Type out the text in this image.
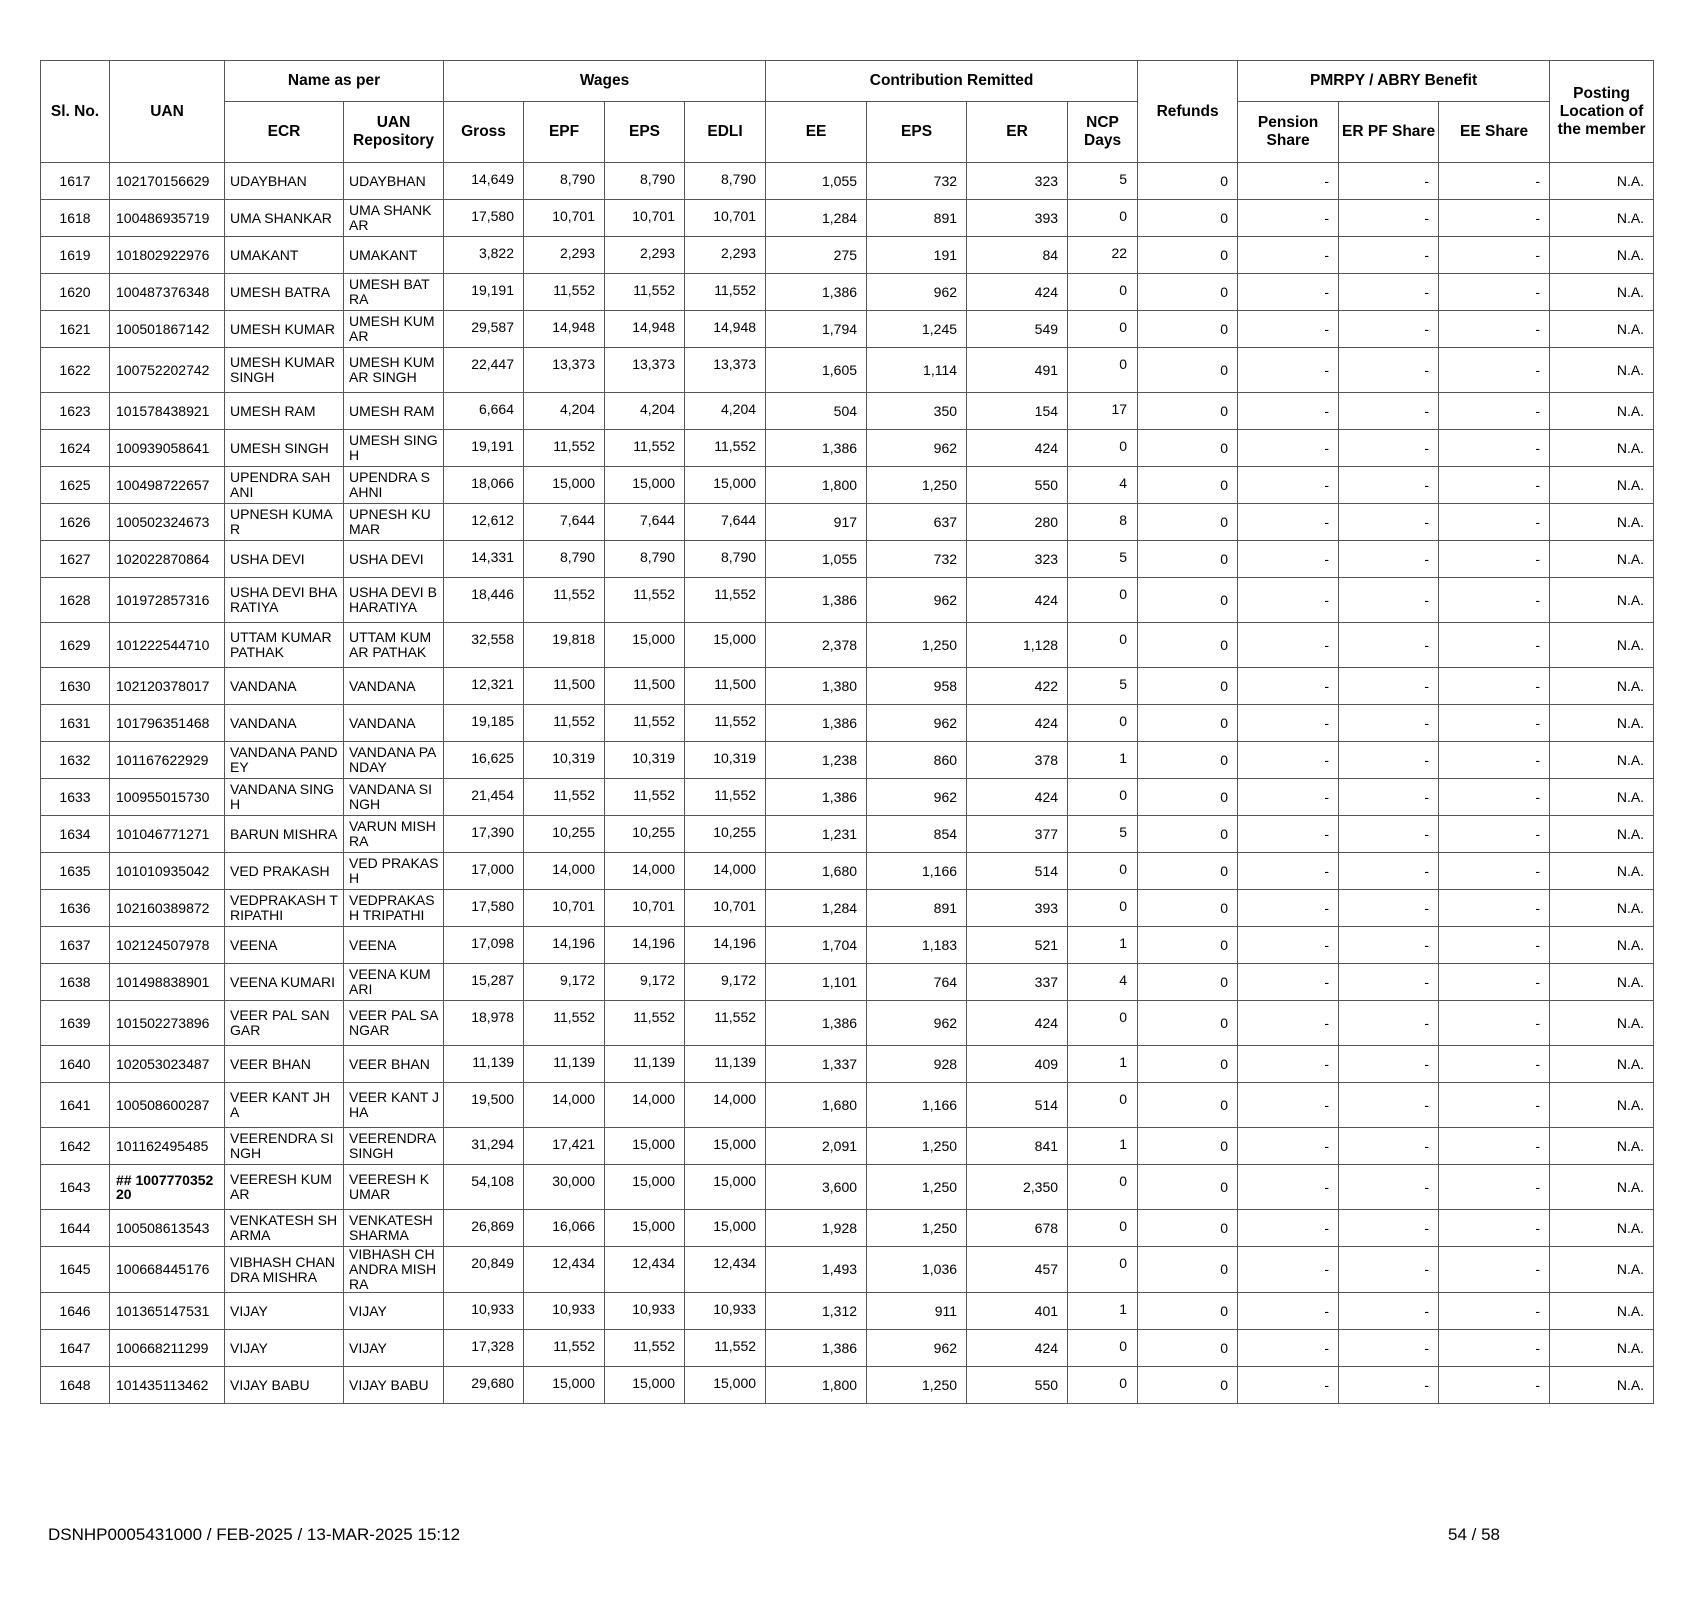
Sl. No.	UAN	Name as per		Wages				Contribution Remitted				Refunds	PMRPY / ABRY Benefit			Posting Location of the member
		ECR	UAN Repository	Gross	EPF	EPS	EDLI	EE	EPS	ER	NCP Days		Pension Share	ER PF Share	EE Share	
1617	102170156629	UDAYBHAN	UDAYBHAN	14,649	8,790	8,790	8,790	1,055	732	323	5	0	-	-	-	N.A.
1618	100486935719	UMA SHANKAR	UMA SHANKAR	17,580	10,701	10,701	10,701	1,284	891	393	0	0	-	-	-	N.A.
1619	101802922976	UMAKANT	UMAKANT	3,822	2,293	2,293	2,293	275	191	84	22	0	-	-	-	N.A.
1620	100487376348	UMESH BATRA	UMESH BATRA	19,191	11,552	11,552	11,552	1,386	962	424	0	0	-	-	-	N.A.
1621	100501867142	UMESH KUMAR	UMESH KUMAR	29,587	14,948	14,948	14,948	1,794	1,245	549	0	0	-	-	-	N.A.
1622	100752202742	UMESH KUMAR SINGH	UMESH KUMAR SINGH	22,447	13,373	13,373	13,373	1,605	1,114	491	0	0	-	-	-	N.A.
1623	101578438921	UMESH RAM	UMESH RAM	6,664	4,204	4,204	4,204	504	350	154	17	0	-	-	-	N.A.
1624	100939058641	UMESH SINGH	UMESH SINGH	19,191	11,552	11,552	11,552	1,386	962	424	0	0	-	-	-	N.A.
1625	100498722657	UPENDRA SAHANI	UPENDRA SAHNI	18,066	15,000	15,000	15,000	1,800	1,250	550	4	0	-	-	-	N.A.
1626	100502324673	UPNESH KUMAR	UPNESH KUMAR	12,612	7,644	7,644	7,644	917	637	280	8	0	-	-	-	N.A.
1627	102022870864	USHA DEVI	USHA DEVI	14,331	8,790	8,790	8,790	1,055	732	323	5	0	-	-	-	N.A.
1628	101972857316	USHA DEVI BHARATIYA	USHA DEVI BHARATIYA	18,446	11,552	11,552	11,552	1,386	962	424	0	0	-	-	-	N.A.
1629	101222544710	UTTAM KUMAR PATHAK	UTTAM KUMAR PATHAK	32,558	19,818	15,000	15,000	2,378	1,250	1,128	0	0	-	-	-	N.A.
1630	102120378017	VANDANA	VANDANA	12,321	11,500	11,500	11,500	1,380	958	422	5	0	-	-	-	N.A.
1631	101796351468	VANDANA	VANDANA	19,185	11,552	11,552	11,552	1,386	962	424	0	0	-	-	-	N.A.
1632	101167622929	VANDANA PANDEY	VANDANA PANDAY	16,625	10,319	10,319	10,319	1,238	860	378	1	0	-	-	-	N.A.
1633	100955015730	VANDANA SINGH	VANDANA SINGH	21,454	11,552	11,552	11,552	1,386	962	424	0	0	-	-	-	N.A.
1634	101046771271	BARUN MISHRA	VARUN MISHRA	17,390	10,255	10,255	10,255	1,231	854	377	5	0	-	-	-	N.A.
1635	101010935042	VED PRAKASH	VED PRAKASH	17,000	14,000	14,000	14,000	1,680	1,166	514	0	0	-	-	-	N.A.
1636	102160389872	VEDPRAKASH TRIPATHI	VEDPRAKASH TRIPATHI	17,580	10,701	10,701	10,701	1,284	891	393	0	0	-	-	-	N.A.
1637	102124507978	VEENA	VEENA	17,098	14,196	14,196	14,196	1,704	1,183	521	1	0	-	-	-	N.A.
1638	101498838901	VEENA KUMARI	VEENA KUMARI	15,287	9,172	9,172	9,172	1,101	764	337	4	0	-	-	-	N.A.
1639	101502273896	VEER PAL SANGAR	VEER PAL SANGAR	18,978	11,552	11,552	11,552	1,386	962	424	0	0	-	-	-	N.A.
1640	102053023487	VEER BHAN	VEER BHAN	11,139	11,139	11,139	11,139	1,337	928	409	1	0	-	-	-	N.A.
1641	100508600287	VEER KANT JHA	VEER KANT JHA	19,500	14,000	14,000	14,000	1,680	1,166	514	0	0	-	-	-	N.A.
1642	101162495485	VEERENDRA SINGH	VEERENDRA SINGH	31,294	17,421	15,000	15,000	2,091	1,250	841	1	0	-	-	-	N.A.
1643	## 100777035220	VEERESH KUMAR	VEERESH KUMAR	54,108	30,000	15,000	15,000	3,600	1,250	2,350	0	0	-	-	-	N.A.
1644	100508613543	VENKATESH SHARMA	VENKATESH SHARMA	26,869	16,066	15,000	15,000	1,928	1,250	678	0	0	-	-	-	N.A.
1645	100668445176	VIBHASH CHANDRA MISHRA	VIBHASH CHANDRA MISHRA	20,849	12,434	12,434	12,434	1,493	1,036	457	0	0	-	-	-	N.A.
1646	101365147531	VIJAY	VIJAY	10,933	10,933	10,933	10,933	1,312	911	401	1	0	-	-	-	N.A.
1647	100668211299	VIJAY	VIJAY	17,328	11,552	11,552	11,552	1,386	962	424	0	0	-	-	-	N.A.
1648	101435113462	VIJAY BABU	VIJAY BABU	29,680	15,000	15,000	15,000	1,800	1,250	550	0	0	-	-	-	N.A.
DSNHP0005431000 / FEB-2025 / 13-MAR-2025 15:12	54 / 58
